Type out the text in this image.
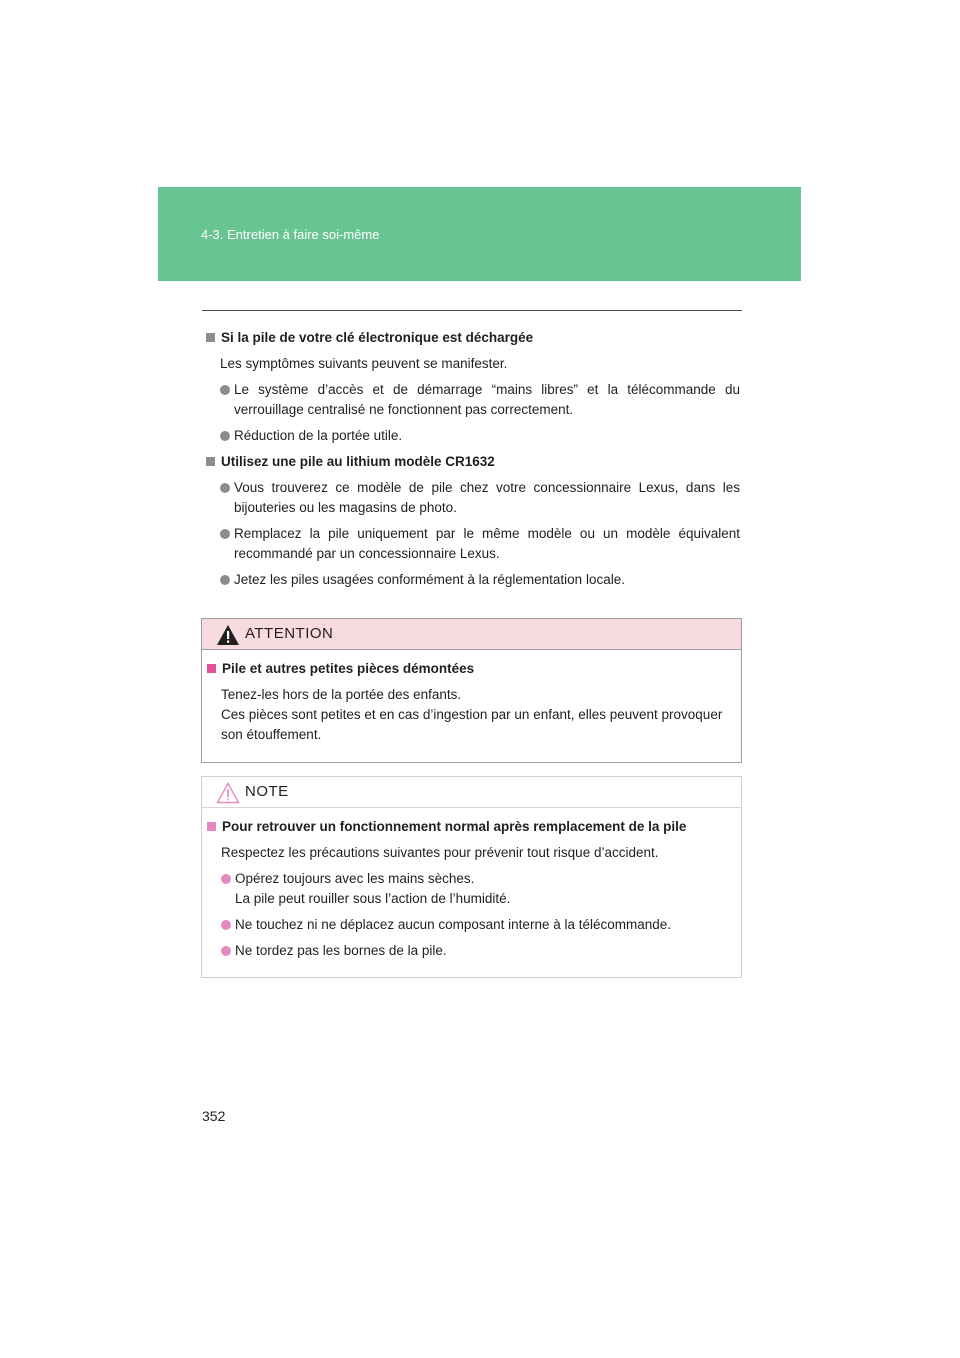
4-3. Entretien à faire soi-même
Si la pile de votre clé électronique est déchargée
Les symptômes suivants peuvent se manifester.
Le système d’accès et de démarrage “mains libres” et la télécommande du verrouillage centralisé ne fonctionnent pas correctement.
Réduction de la portée utile.
Utilisez une pile au lithium modèle CR1632
Vous trouverez ce modèle de pile chez votre concessionnaire Lexus, dans les bijouteries ou les magasins de photo.
Remplacez la pile uniquement par le même modèle ou un modèle équivalent recommandé par un concessionnaire Lexus.
Jetez les piles usagées conformément à la réglementation locale.
ATTENTION
Pile et autres petites pièces démontées
Tenez-les hors de la portée des enfants.
Ces pièces sont petites et en cas d’ingestion par un enfant, elles peuvent provoquer son étouffement.
NOTE
Pour retrouver un fonctionnement normal après remplacement de la pile
Respectez les précautions suivantes pour prévenir tout risque d’accident.
Opérez toujours avec les mains sèches.
La pile peut rouiller sous l’action de l’humidité.
Ne touchez ni ne déplacez aucun composant interne à la télécommande.
Ne tordez pas les bornes de la pile.
352
